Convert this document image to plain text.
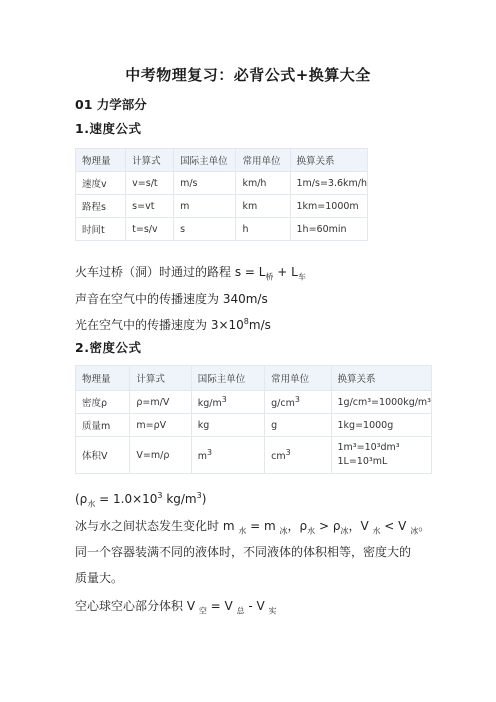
中考物理复习：必背公式+换算大全
01 力学部分
1.速度公式
物理量	计算式	国际主单位	常用单位	换算关系
速度v	v=s/t	m/s	km/h	1m/s=3.6km/h
路程s	s=vt	m	km	1km=1000m
时间t	t=s/v	s	h	1h=60min
火车过桥（洞）时通过的路程 $s = L_桥 + L_车$
声音在空气中的传播速度为 340m/s
光在空气中的传播速度为 $3\times 10^8m/s$
2.密度公式
物理量	计算式	国际主单位	常用单位	换算关系
密度ρ	ρ=m/V	$kg/m^3$	$g/cm^3$	1g/cm³=1000kg/m³
质量m	m=ρV	kg	g	1kg=1000g
体积V	V=m/ρ	$m^3$	$cm^3$	1m³=10³dm³
1L=10³mL
($\rho_水 = 1.0\times 10^3$ $kg/m^3$)
冰与水之间状态发生变化时 m $_水$ = m $_冰$，$\rho_水 > \rho_冰$，V $_水$ < V $_冰$。
同一个容器装满不同的液体时，不同液体的体积相等，密度大的
质量大。
空心球空心部分体积 V $_空$ = V $_总$ - V $_实$
